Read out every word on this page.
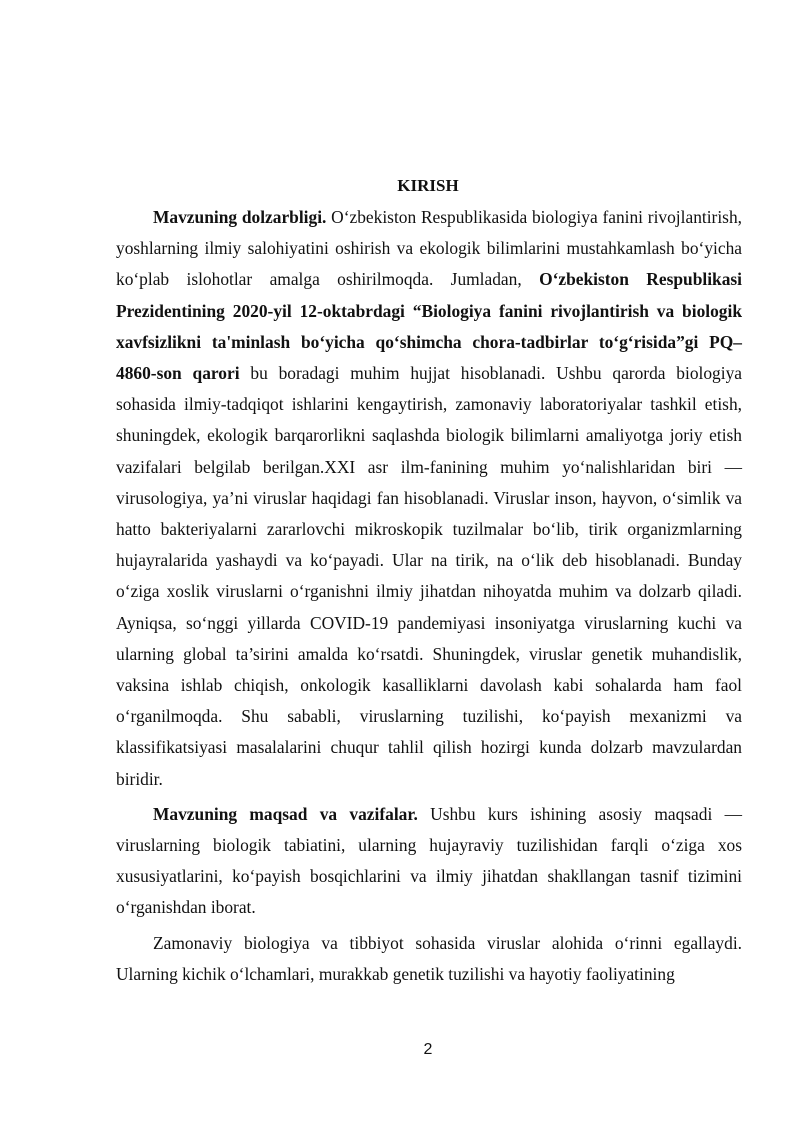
KIRISH

Mavzuning dolzarbligi. O‘zbekiston Respublikasida biologiya fanini rivojlantirish, yoshlarning ilmiy salohiyatini oshirish va ekologik bilimlarini mustahkamlash bo‘yicha ko‘plab islohotlar amalga oshirilmoqda. Jumladan, O‘zbekiston Respublikasi Prezidentining 2020-yil 12-oktabrdagi “Biologiya fanini rivojlantirish va biologik xavfsizlikni ta'minlash bo‘yicha qo‘shimcha chora-tadbirlar to‘g‘risida”gi PQ–4860-son qarori bu boradagi muhim hujjat hisoblanadi. Ushbu qarorda biologiya sohasida ilmiy-tadqiqot ishlarini kengaytirish, zamonaviy laboratoriyalar tashkil etish, shuningdek, ekologik barqarorlikni saqlashda biologik bilimlarni amaliyotga joriy etish vazifalari belgilab berilgan.XXI asr ilm-fanining muhim yo‘nalishlaridan biri — virusologiya, ya’ni viruslar haqidagi fan hisoblanadi. Viruslar inson, hayvon, o‘simlik va hatto bakteriyalarni zararlovchi mikroskopik tuzilmalar bo‘lib, tirik organizmlarning hujayralarida yashaydi va ko‘payadi. Ular na tirik, na o‘lik deb hisoblanadi. Bunday o‘ziga xoslik viruslarni o‘rganishni ilmiy jihatdan nihoyatda muhim va dolzarb qiladi. Ayniqsa, so‘nggi yillarda COVID-19 pandemiyasi insoniyatga viruslarning kuchi va ularning global ta’sirini amalda ko‘rsatdi. Shuningdek, viruslar genetik muhandislik, vaksina ishlab chiqish, onkologik kasalliklarni davolash kabi sohalarda ham faol o‘rganilmoqda. Shu sababli, viruslarning tuzilishi, ko‘payish mexanizmi va klassifikatsiyasi masalalarini chuqur tahlil qilish hozirgi kunda dolzarb mavzulardan biridir.

Mavzuning maqsad va vazifalar. Ushbu kurs ishining asosiy maqsadi — viruslarning biologik tabiatini, ularning hujayraviy tuzilishidan farqli o‘ziga xos xususiyatlarini, ko‘payish bosqichlarini va ilmiy jihatdan shakllangan tasnif tizimini o‘rganishdan iborat.

Zamonaviy biologiya va tibbiyot sohasida viruslar alohida o‘rinni egallaydi. Ularning kichik o‘lchamlari, murakkab genetik tuzilishi va hayotiy faoliyatining

2
